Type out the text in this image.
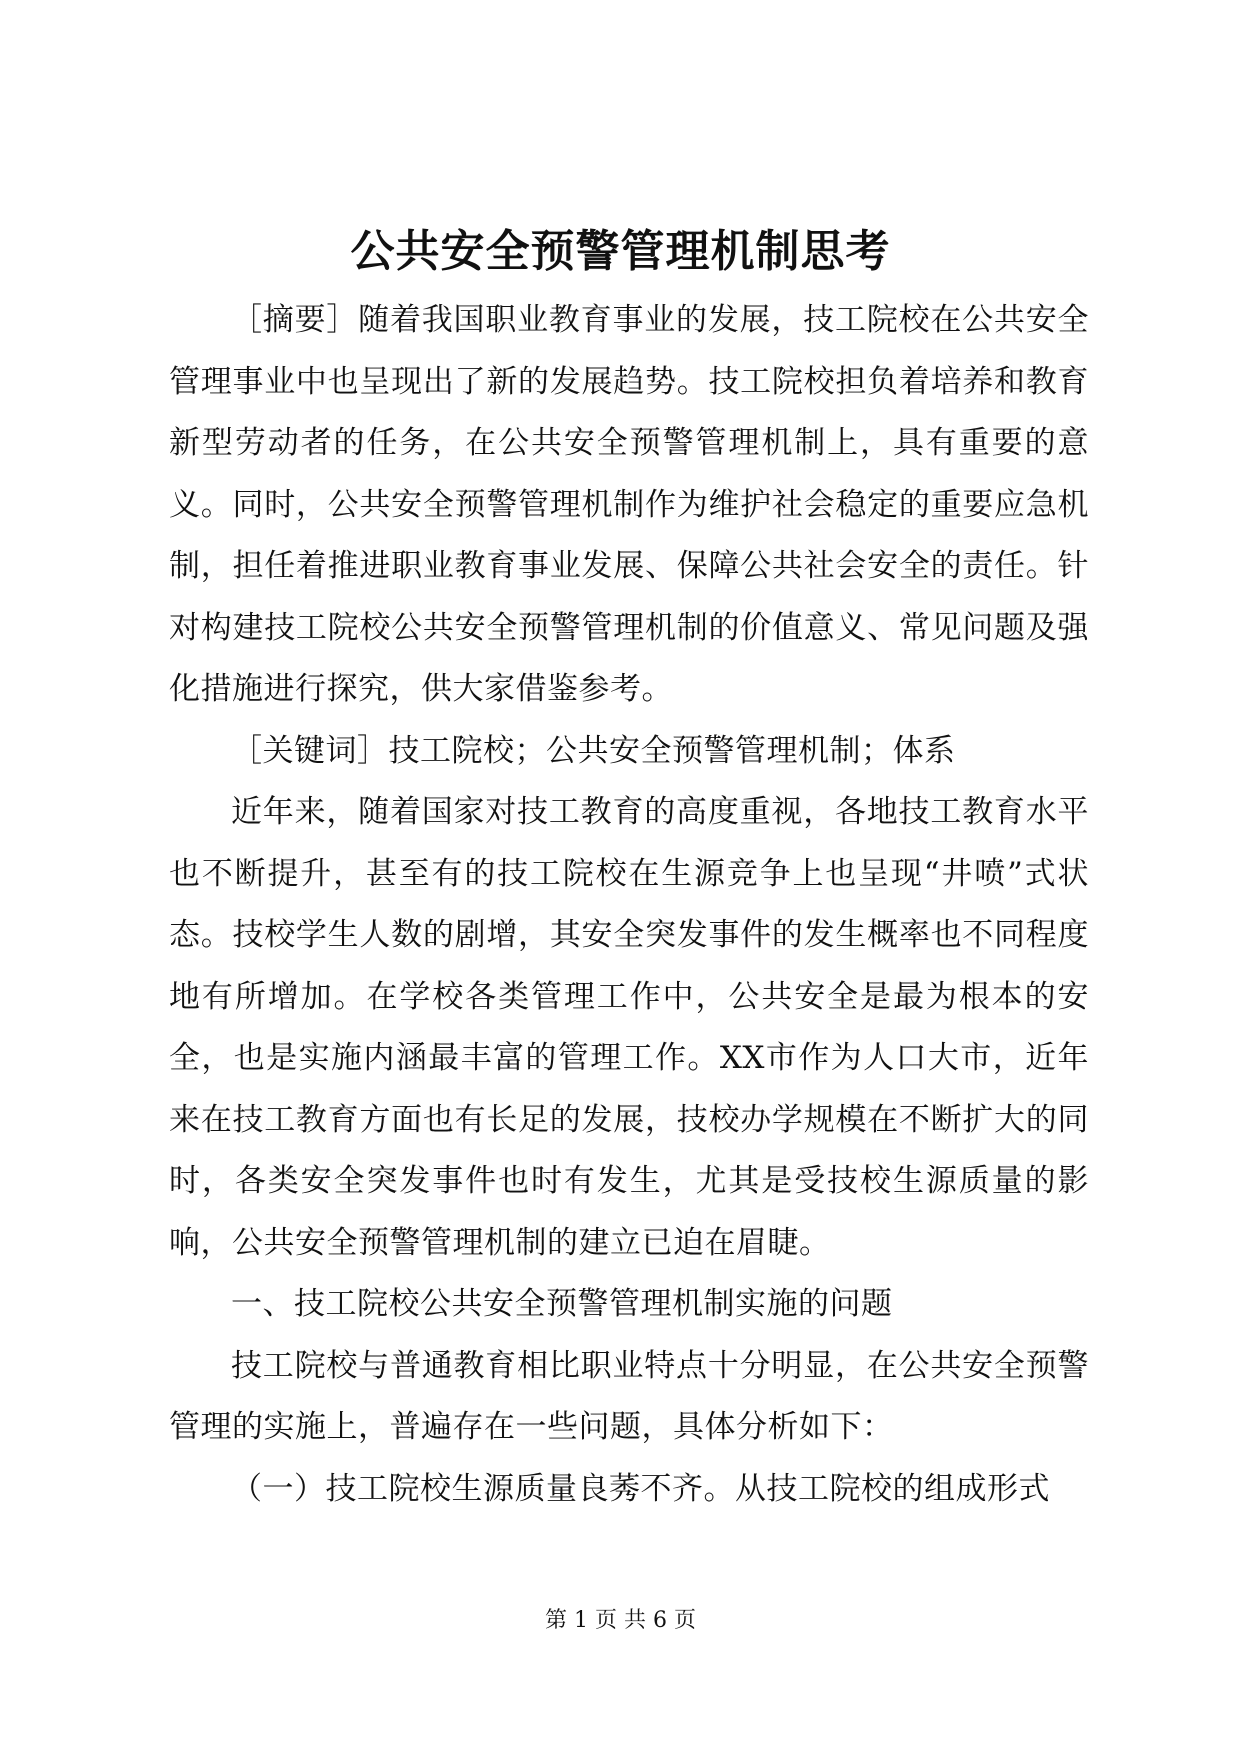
公共安全预警管理机制思考

［摘要］随着我国职业教育事业的发展，技工院校在公共安全管理事业中也呈现出了新的发展趋势。技工院校担负着培养和教育新型劳动者的任务，在公共安全预警管理机制上，具有重要的意义。同时，公共安全预警管理机制作为维护社会稳定的重要应急机制，担任着推进职业教育事业发展、保障公共社会安全的责任。针对构建技工院校公共安全预警管理机制的价值意义、常见问题及强化措施进行探究，供大家借鉴参考。

［关键词］技工院校；公共安全预警管理机制；体系

近年来，随着国家对技工教育的高度重视，各地技工教育水平也不断提升，甚至有的技工院校在生源竞争上也呈现“井喷”式状态。技校学生人数的剧增，其安全突发事件的发生概率也不同程度地有所增加。在学校各类管理工作中，公共安全是最为根本的安全，也是实施内涵最丰富的管理工作。XX市作为人口大市，近年来在技工教育方面也有长足的发展，技校办学规模在不断扩大的同时，各类安全突发事件也时有发生，尤其是受技校生源质量的影响，公共安全预警管理机制的建立已迫在眉睫。

一、技工院校公共安全预警管理机制实施的问题

技工院校与普通教育相比职业特点十分明显，在公共安全预警管理的实施上，普遍存在一些问题，具体分析如下：

（一）技工院校生源质量良莠不齐。从技工院校的组成形式

第 1 页 共 6 页
